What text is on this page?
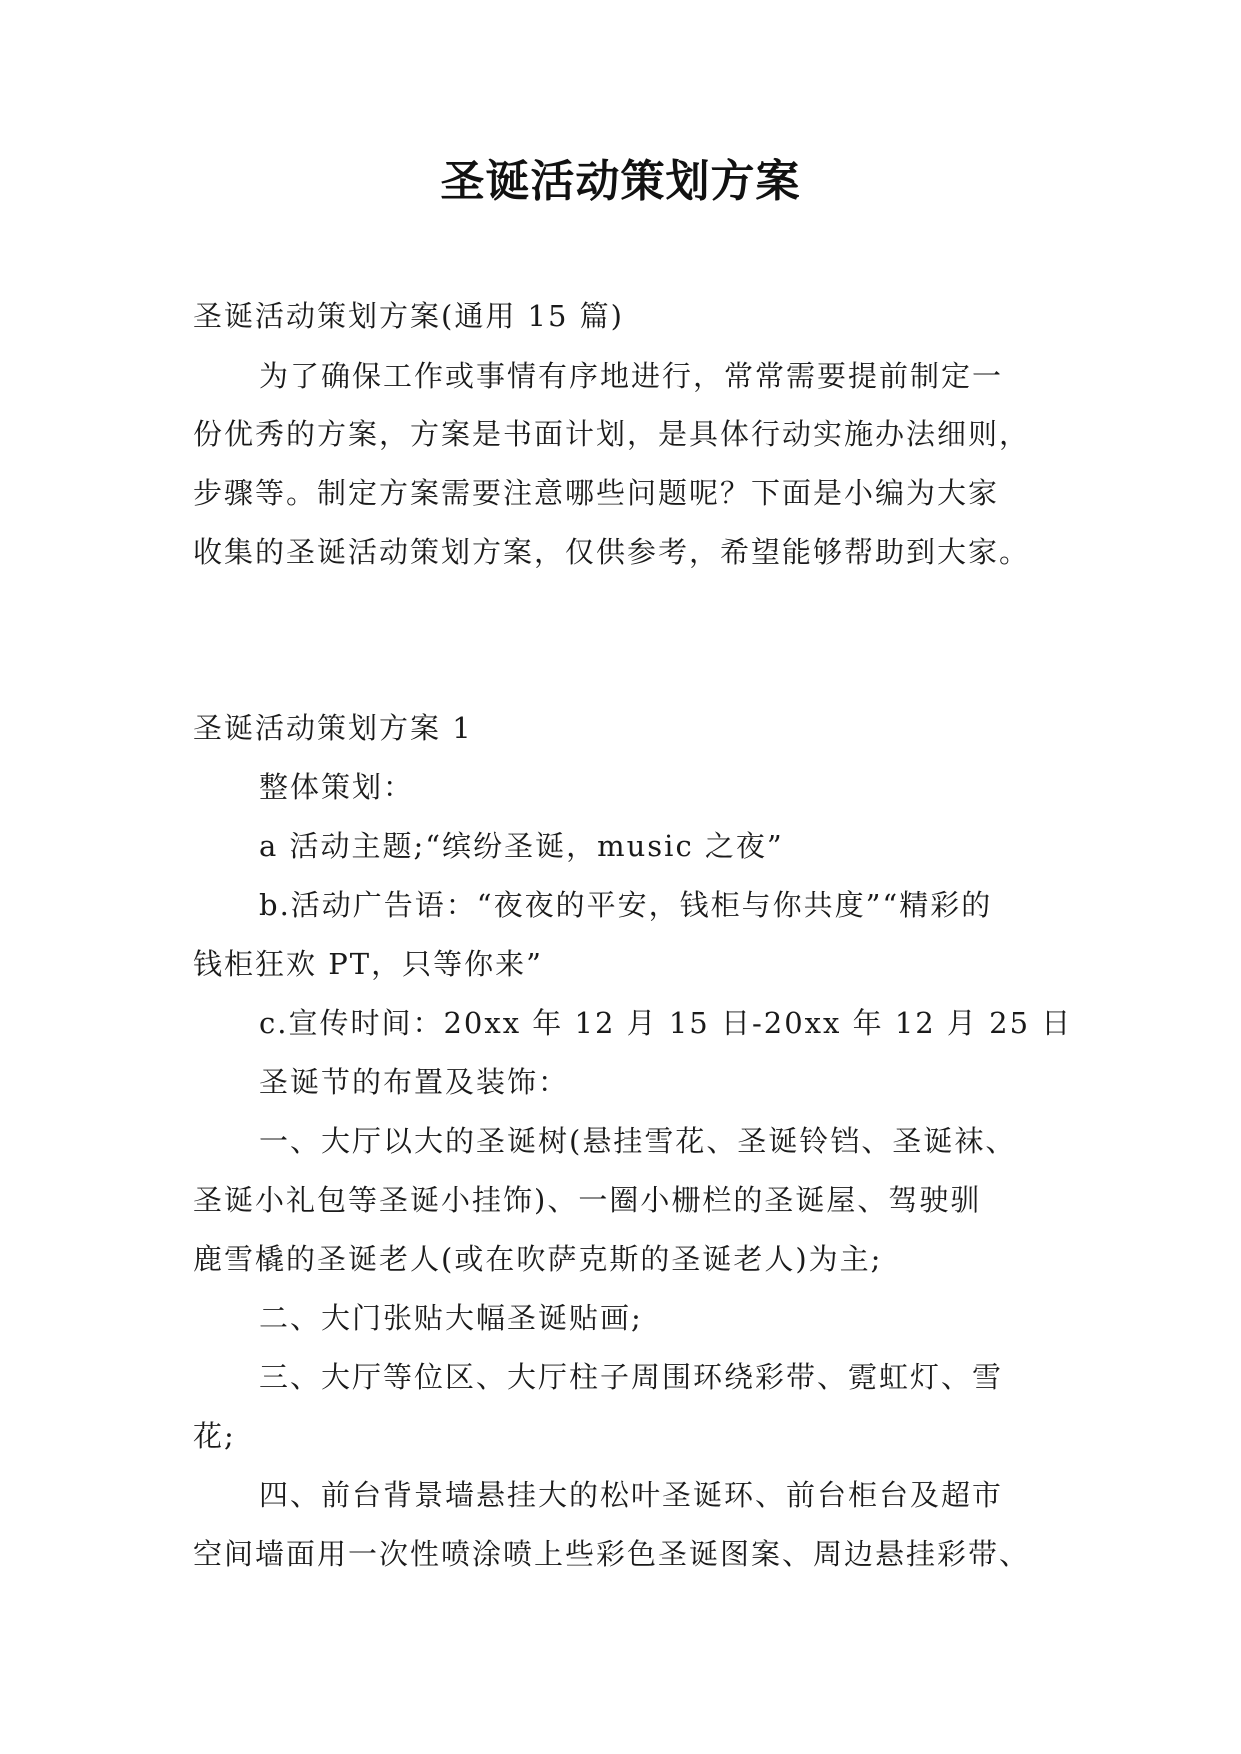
圣诞活动策划方案
圣诞活动策划方案(通用 15 篇)
为了确保工作或事情有序地进行，常常需要提前制定一
份优秀的方案，方案是书面计划，是具体行动实施办法细则，
步骤等。制定方案需要注意哪些问题呢？下面是小编为大家
收集的圣诞活动策划方案，仅供参考，希望能够帮助到大家。
圣诞活动策划方案 1
整体策划：
a 活动主题;“缤纷圣诞，music 之夜”
b.活动广告语：“夜夜的平安，钱柜与你共度”“精彩的
钱柜狂欢 PT，只等你来”
c.宣传时间：20xx 年 12 月 15 日-20xx 年 12 月 25 日
圣诞节的布置及装饰：
一、大厅以大的圣诞树(悬挂雪花、圣诞铃铛、圣诞袜、
圣诞小礼包等圣诞小挂饰)、一圈小栅栏的圣诞屋、驾驶驯
鹿雪橇的圣诞老人(或在吹萨克斯的圣诞老人)为主;
二、大门张贴大幅圣诞贴画;
三、大厅等位区、大厅柱子周围环绕彩带、霓虹灯、雪
花;
四、前台背景墙悬挂大的松叶圣诞环、前台柜台及超市
空间墙面用一次性喷涂喷上些彩色圣诞图案、周边悬挂彩带、
